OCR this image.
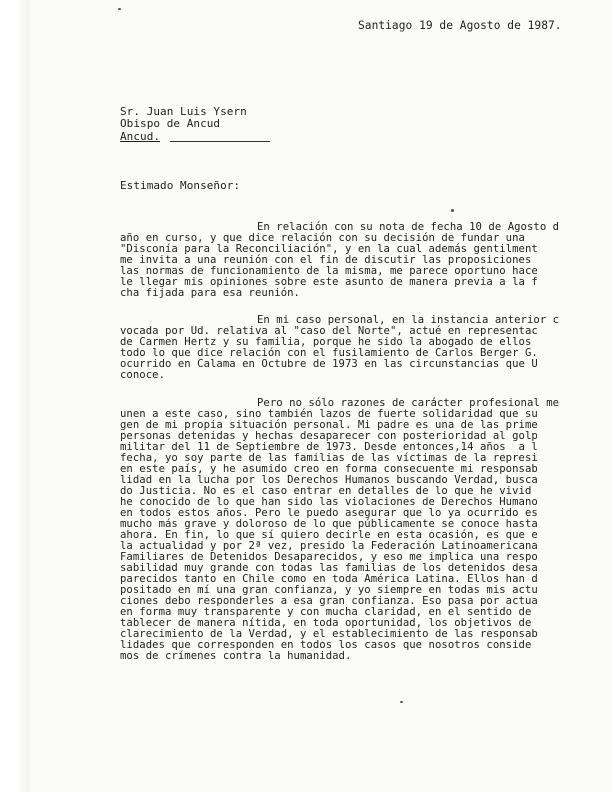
Santiago 19 de Agosto de 1987.
Sr. Juan Luis Ysern
Obispo de Ancud
Ancud.
Estimado Monseñor:
En relación con su nota de fecha 10 de Agosto d
año en curso, y que dice relación con su decisión de fundar una
"Disconía para la Reconciliación", y en la cual además gentilment
me invita a una reunión con el fin de discutir las proposiciones
las normas de funcionamiento de la misma, me parece oportuno hace
le llegar mis opiniones sobre este asunto de manera previa a la f
cha fijada para esa reunión.
En mi caso personal, en la instancia anterior c
vocada por Ud. relativa al "caso del Norte", actué en representac
de Carmen Hertz y su familia, porque he sido la abogado de ellos
todo lo que dice relación con el fusilamiento de Carlos Berger G.
ocurrido en Calama en Octubre de 1973 en las circunstancias que U
conoce.
Pero no sólo razones de carácter profesional me
unen a este caso, sino también lazos de fuerte solidaridad que su
gen de mi propia situación personal. Mi padre es una de las prime
personas detenidas y hechas desaparecer con posterioridad al golp
militar del 11 de Septiembre de 1973. Desde entonces,14 años  a l
fecha, yo soy parte de las familias de las víctimas de la represi
en este país, y he asumido creo en forma consecuente mi responsab
lidad en la lucha por los Derechos Humanos buscando Verdad, busca
do Justicia. No es el caso entrar en detalles de lo que he vivid
he conocido de lo que han sido las violaciones de Derechos Humano
en todos estos años. Pero le puedo asegurar que lo ya ocurrido es
mucho más grave y doloroso de lo que públicamente se conoce hasta
ahora. En fin, lo que sí quiero decirle en esta ocasión, es que e
la actualidad y por 2ª vez, presido la Federación Latinoamericana
Familiares de Detenidos Desaparecidos, y eso me implica una respo
sabilidad muy grande con todas las familias de los detenidos desa
parecidos tanto en Chile como en toda América Latina. Ellos han d
positado en mí una gran confianza, y yo siempre en todas mis actu
ciones debo responderles a esa gran confianza. Eso pasa por actua
en forma muy transparente y con mucha claridad, en el sentido de
tablecer de manera nítida, en toda oportunidad, los objetivos de
clarecimiento de la Verdad, y el establecimiento de las responsab
lidades que corresponden en todos los casos que nosotros conside
mos de crímenes contra la humanidad.
